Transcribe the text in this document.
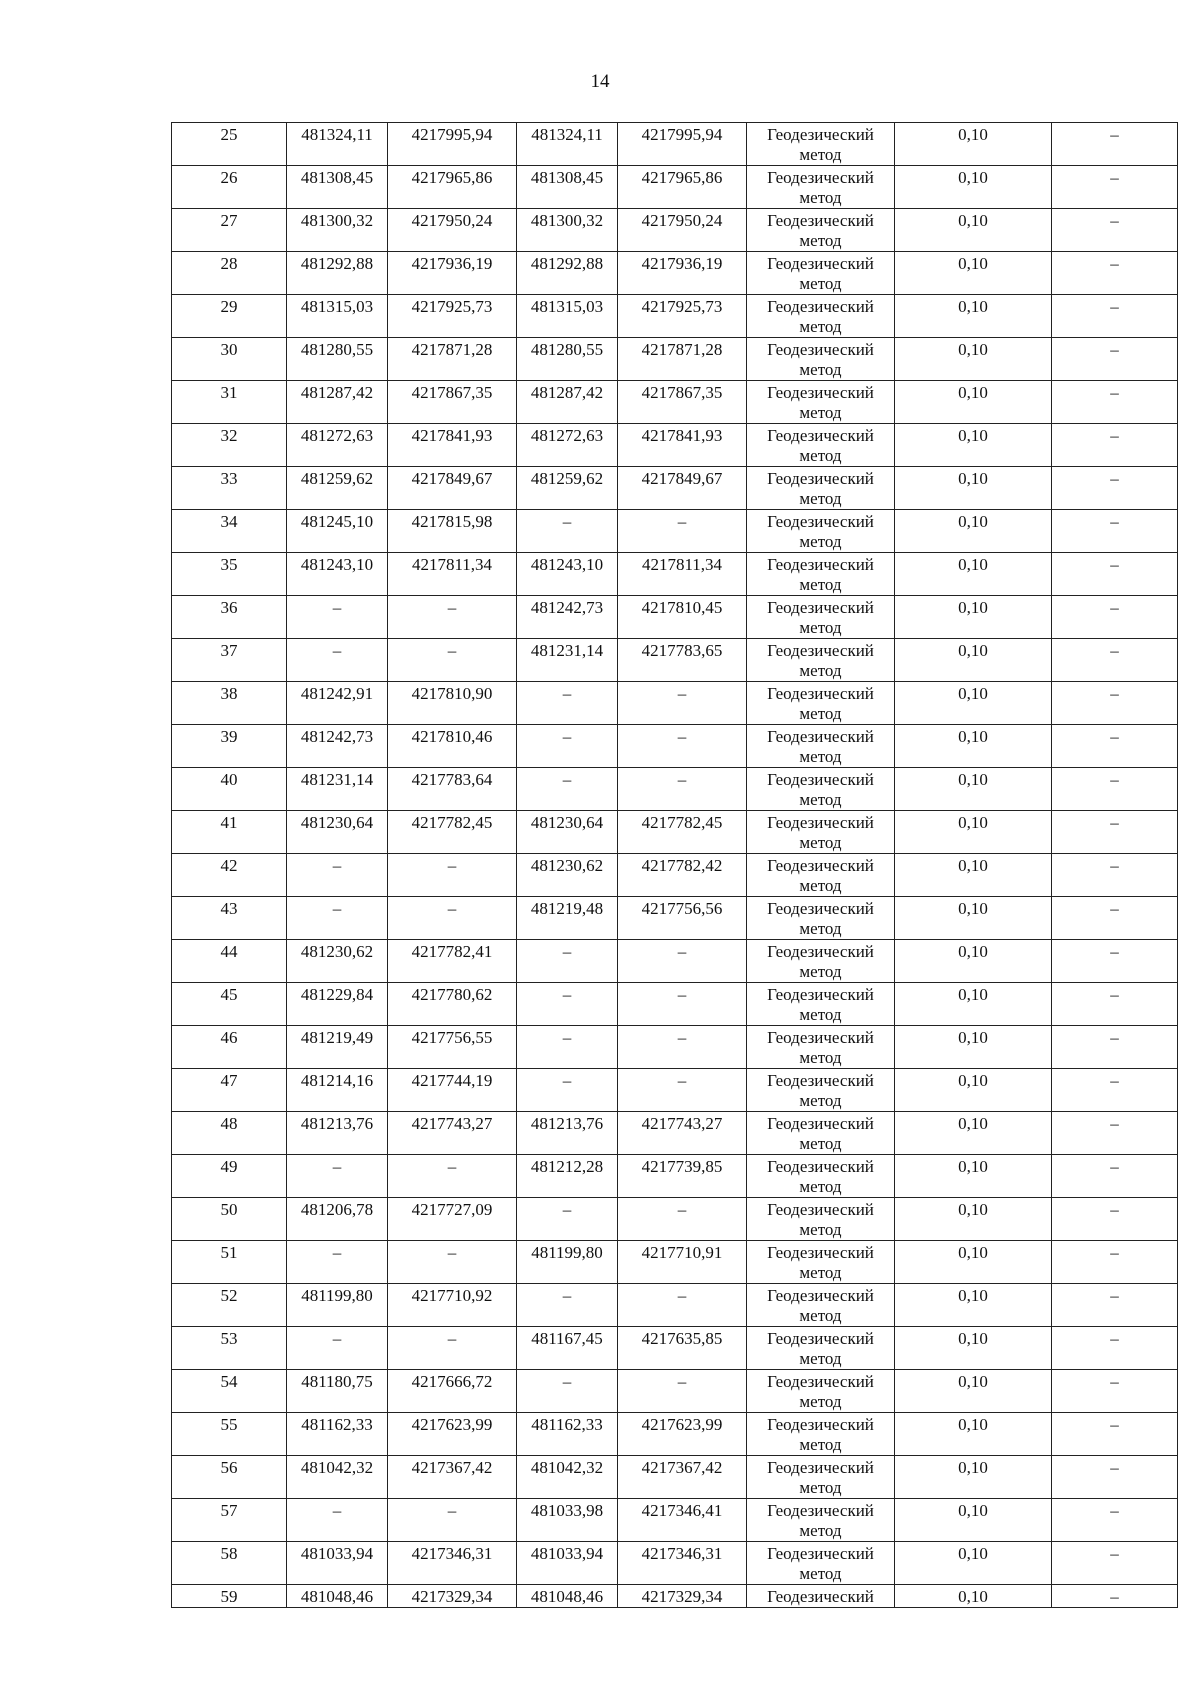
14
25	481324,11	4217995,94	481324,11	4217995,94	Геодезический
метод	0,10	–

26	481308,45	4217965,86	481308,45	4217965,86	Геодезический
метод	0,10	–

27	481300,32	4217950,24	481300,32	4217950,24	Геодезический
метод	0,10	–

28	481292,88	4217936,19	481292,88	4217936,19	Геодезический
метод	0,10	–

29	481315,03	4217925,73	481315,03	4217925,73	Геодезический
метод	0,10	–

30	481280,55	4217871,28	481280,55	4217871,28	Геодезический
метод	0,10	–

31	481287,42	4217867,35	481287,42	4217867,35	Геодезический
метод	0,10	–

32	481272,63	4217841,93	481272,63	4217841,93	Геодезический
метод	0,10	–

33	481259,62	4217849,67	481259,62	4217849,67	Геодезический
метод	0,10	–

34	481245,10	4217815,98	–	–	Геодезический
метод	0,10	–

35	481243,10	4217811,34	481243,10	4217811,34	Геодезический
метод	0,10	–

36	–	–	481242,73	4217810,45	Геодезический
метод	0,10	–

37	–	–	481231,14	4217783,65	Геодезический
метод	0,10	–

38	481242,91	4217810,90	–	–	Геодезический
метод	0,10	–

39	481242,73	4217810,46	–	–	Геодезический
метод	0,10	–

40	481231,14	4217783,64	–	–	Геодезический
метод	0,10	–

41	481230,64	4217782,45	481230,64	4217782,45	Геодезический
метод	0,10	–

42	–	–	481230,62	4217782,42	Геодезический
метод	0,10	–

43	–	–	481219,48	4217756,56	Геодезический
метод	0,10	–

44	481230,62	4217782,41	–	–	Геодезический
метод	0,10	–

45	481229,84	4217780,62	–	–	Геодезический
метод	0,10	–

46	481219,49	4217756,55	–	–	Геодезический
метод	0,10	–

47	481214,16	4217744,19	–	–	Геодезический
метод	0,10	–

48	481213,76	4217743,27	481213,76	4217743,27	Геодезический
метод	0,10	–

49	–	–	481212,28	4217739,85	Геодезический
метод	0,10	–

50	481206,78	4217727,09	–	–	Геодезический
метод	0,10	–

51	–	–	481199,80	4217710,91	Геодезический
метод	0,10	–

52	481199,80	4217710,92	–	–	Геодезический
метод	0,10	–

53	–	–	481167,45	4217635,85	Геодезический
метод	0,10	–

54	481180,75	4217666,72	–	–	Геодезический
метод	0,10	–

55	481162,33	4217623,99	481162,33	4217623,99	Геодезический
метод	0,10	–

56	481042,32	4217367,42	481042,32	4217367,42	Геодезический
метод	0,10	–

57	–	–	481033,98	4217346,41	Геодезический
метод	0,10	–

58	481033,94	4217346,31	481033,94	4217346,31	Геодезический
метод	0,10	–

59	481048,46	4217329,34	481048,46	4217329,34	Геодезический	0,10	–
